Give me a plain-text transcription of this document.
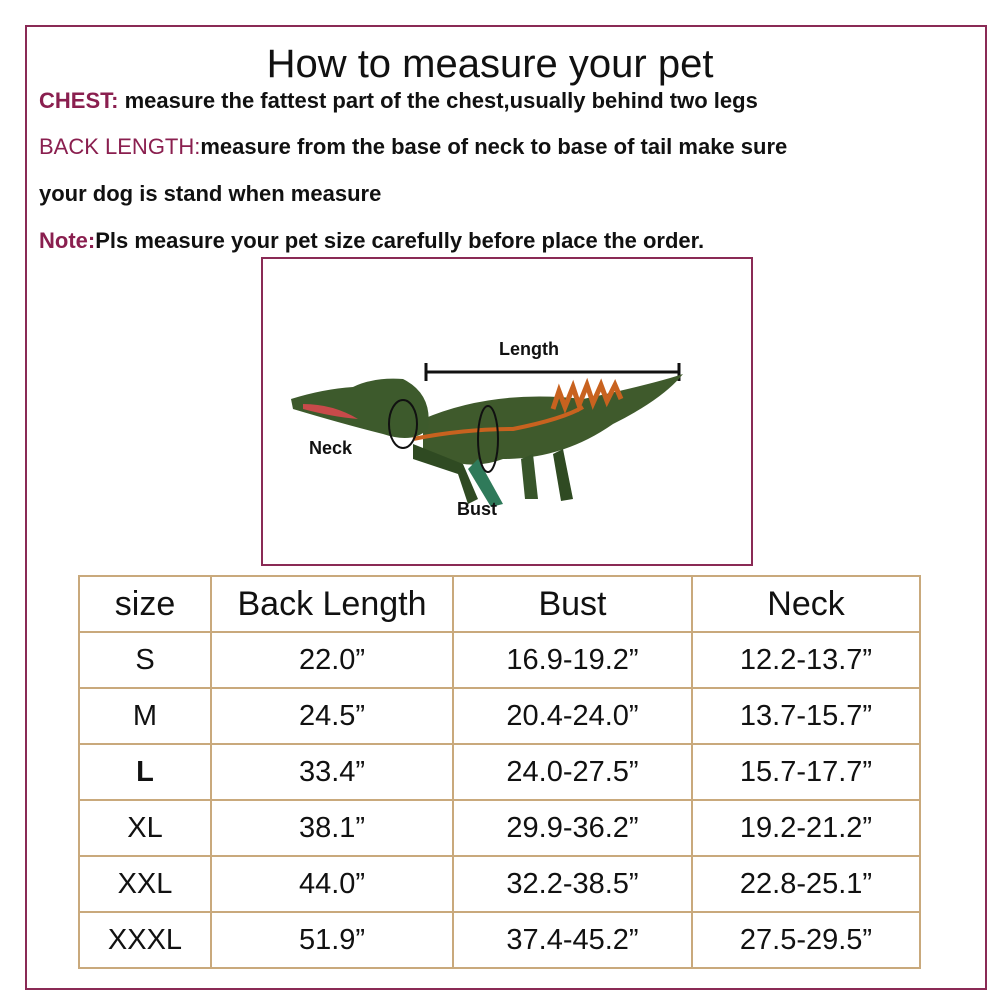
How to measure your pet
CHEST: measure the fattest part of the chest,usually behind two legs
BACK LENGTH:measure from the base of neck to base of tail make sure
your dog is stand when measure
Note:Pls measure your pet size carefully before place the order.
Length
Neck
Bust
size	Back Length	Bust	Neck
S	22.0”	16.9-19.2”	12.2-13.7”
M	24.5”	20.4-24.0”	13.7-15.7”
L	33.4”	24.0-27.5”	15.7-17.7”
XL	38.1”	29.9-36.2”	19.2-21.2”
XXL	44.0”	32.2-38.5”	22.8-25.1”
XXXL	51.9”	37.4-45.2”	27.5-29.5”
